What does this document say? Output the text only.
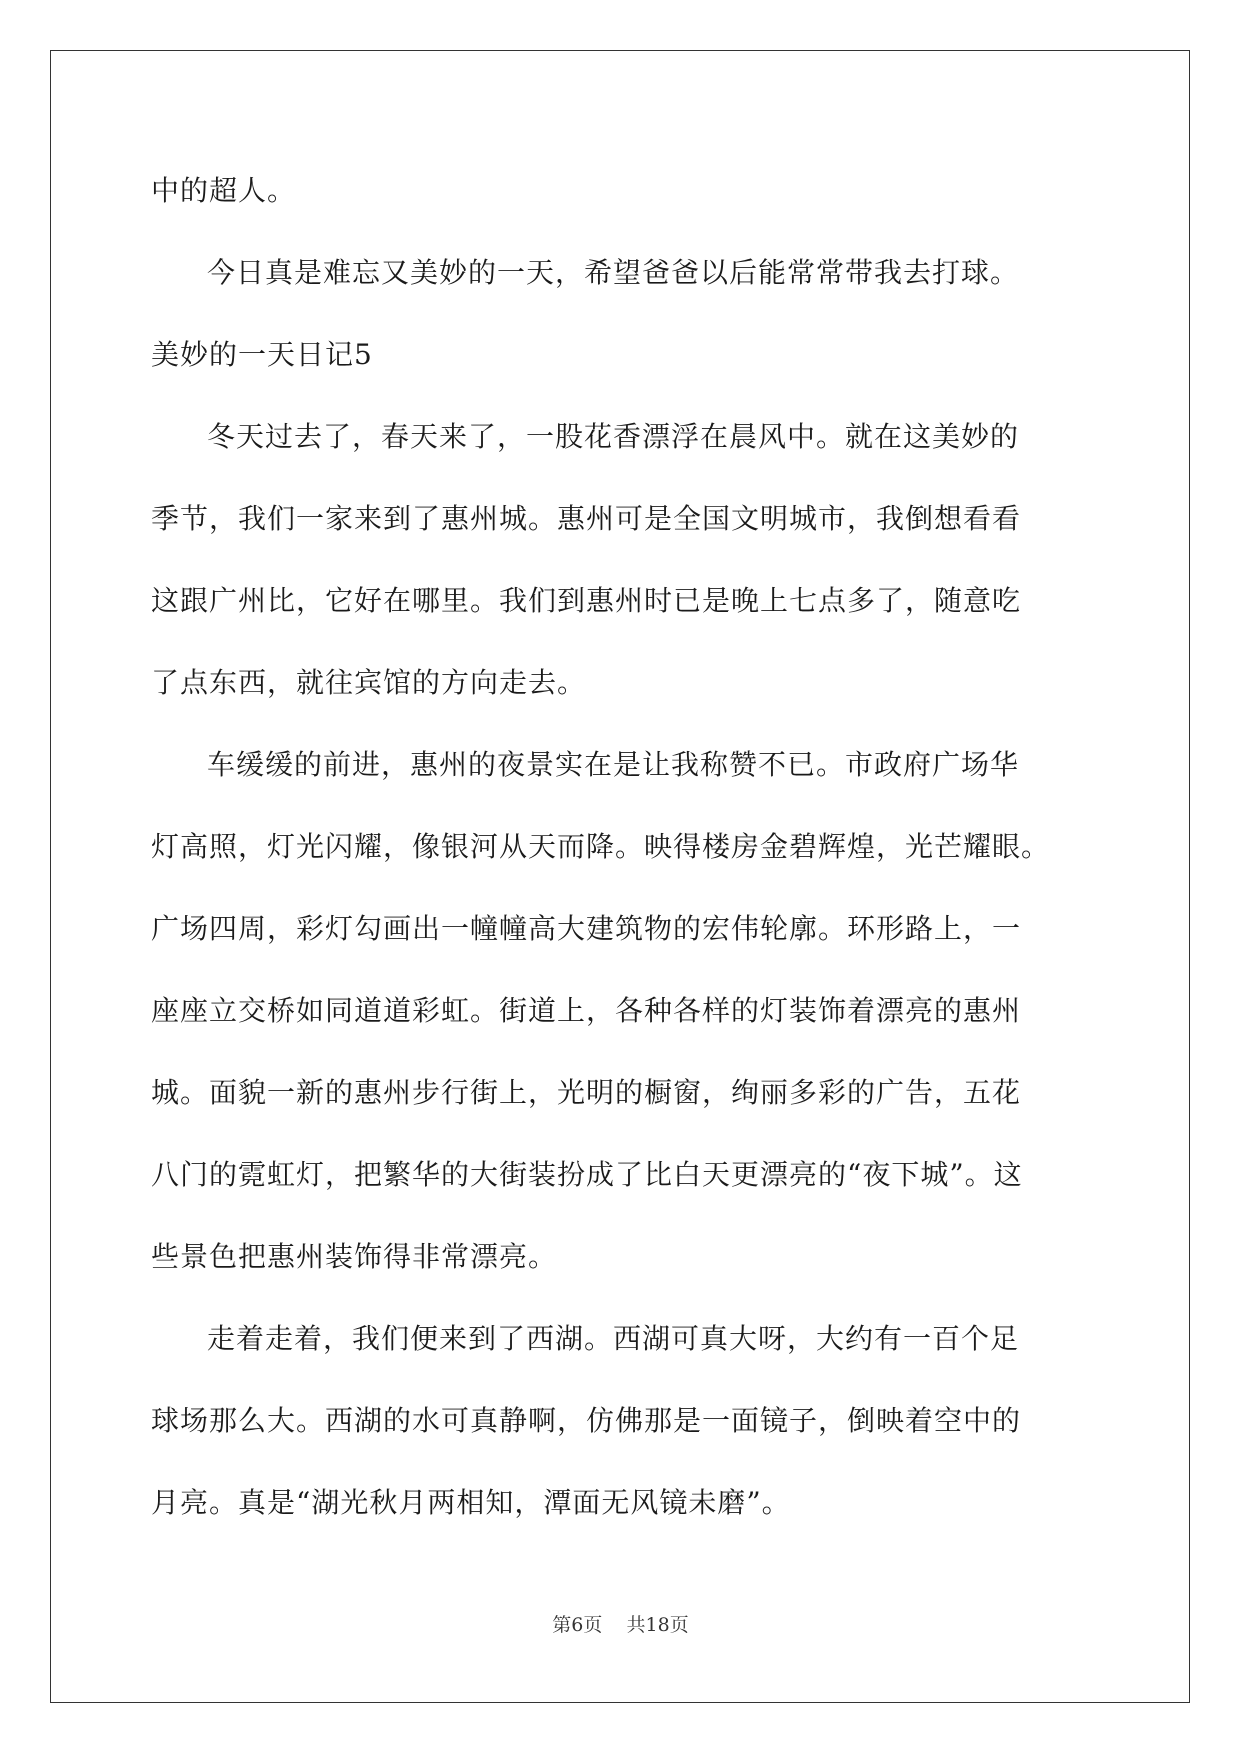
中的超人。

今日真是难忘又美妙的一天，希望爸爸以后能常常带我去打球。

美妙的一天日记5

冬天过去了，春天来了，一股花香漂浮在晨风中。就在这美妙的
季节，我们一家来到了惠州城。惠州可是全国文明城市，我倒想看看
这跟广州比，它好在哪里。我们到惠州时已是晚上七点多了，随意吃
了点东西，就往宾馆的方向走去。

车缓缓的前进，惠州的夜景实在是让我称赞不已。市政府广场华
灯高照，灯光闪耀，像银河从天而降。映得楼房金碧辉煌，光芒耀眼。
广场四周，彩灯勾画出一幢幢高大建筑物的宏伟轮廓。环形路上，一
座座立交桥如同道道彩虹。街道上，各种各样的灯装饰着漂亮的惠州
城。面貌一新的惠州步行街上，光明的橱窗，绚丽多彩的广告，五花
八门的霓虹灯，把繁华的大街装扮成了比白天更漂亮的“夜下城”。这
些景色把惠州装饰得非常漂亮。

走着走着，我们便来到了西湖。西湖可真大呀，大约有一百个足
球场那么大。西湖的水可真静啊，仿佛那是一面镜子，倒映着空中的
月亮。真是“湖光秋月两相知，潭面无风镜未磨”。

第6页    共18页
